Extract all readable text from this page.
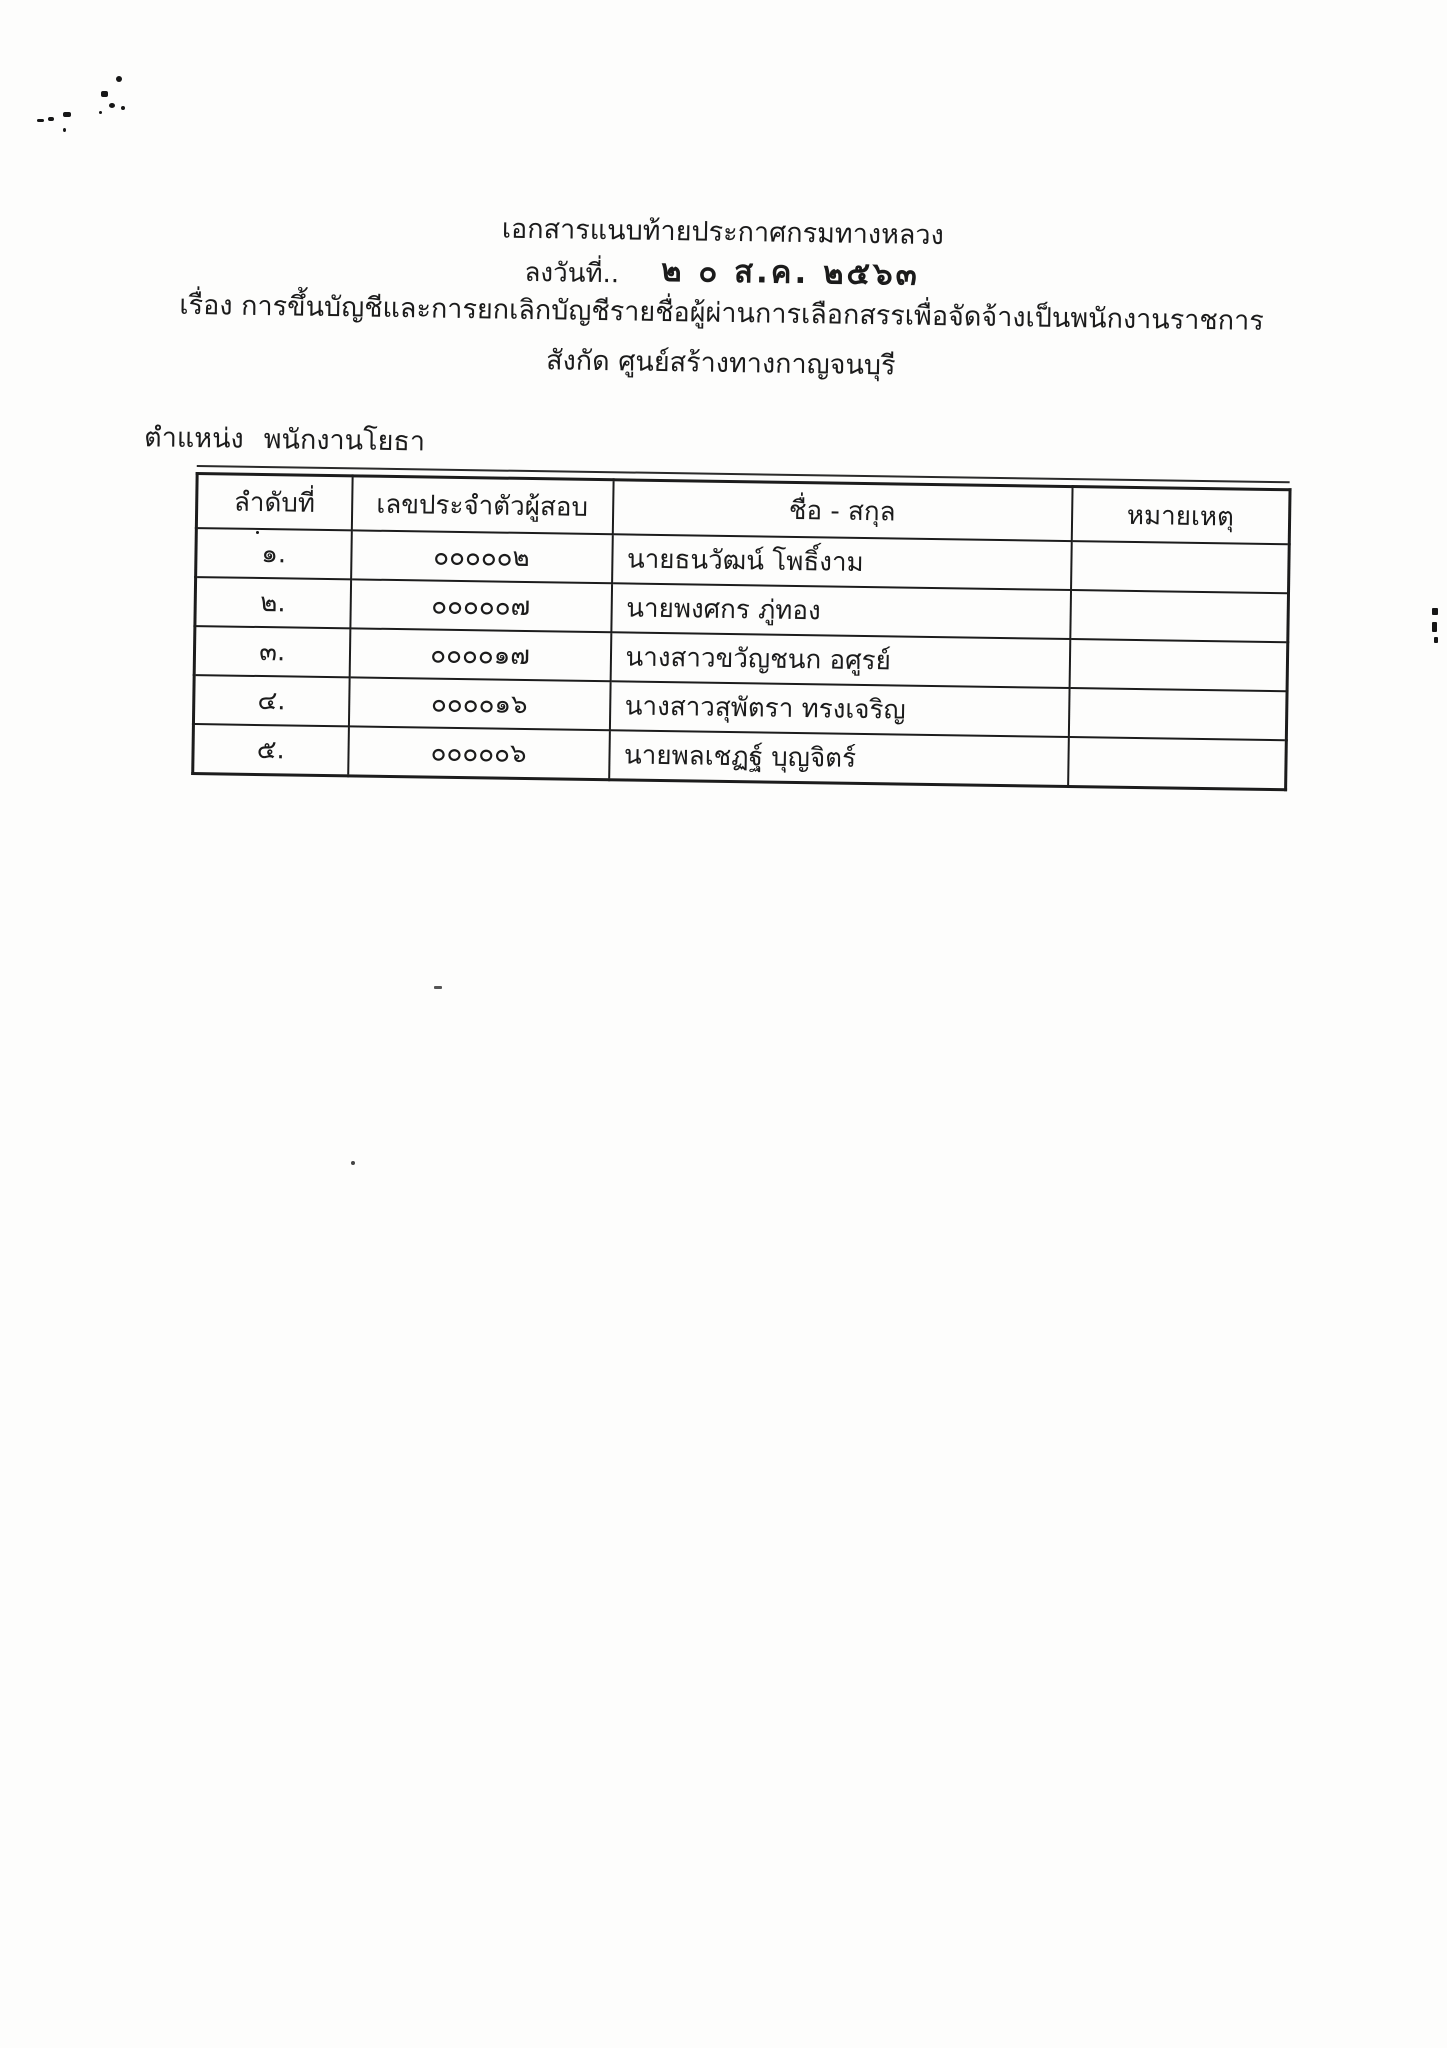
เอกสารแนบท้ายประกาศกรมทางหลวง
ลงวันที่.. ๒ ๐ ส.ค. ๒๕๖๓
เรื่อง การขึ้นบัญชีและการยกเลิกบัญชีรายชื่อผู้ผ่านการเลือกสรรเพื่อจัดจ้างเป็นพนักงานราชการ
สังกัด ศูนย์สร้างทางกาญจนบุรี
ตำแหน่ง พนักงานโยธา
ลำดับที่	เลขประจำตัวผู้สอบ	ชื่อ - สกุล	หมายเหตุ
๑.	๐๐๐๐๐๒	นายธนวัฒน์ โพธิ์งาม	
๒.	๐๐๐๐๐๗	นายพงศกร ภู่ทอง	
๓.	๐๐๐๐๑๗	นางสาวขวัญชนก อศูรย์	
๔.	๐๐๐๐๑๖	นางสาวสุพัตรา ทรงเจริญ	
๕.	๐๐๐๐๐๖	นายพลเชฏฐ์ บุญจิตร์	
